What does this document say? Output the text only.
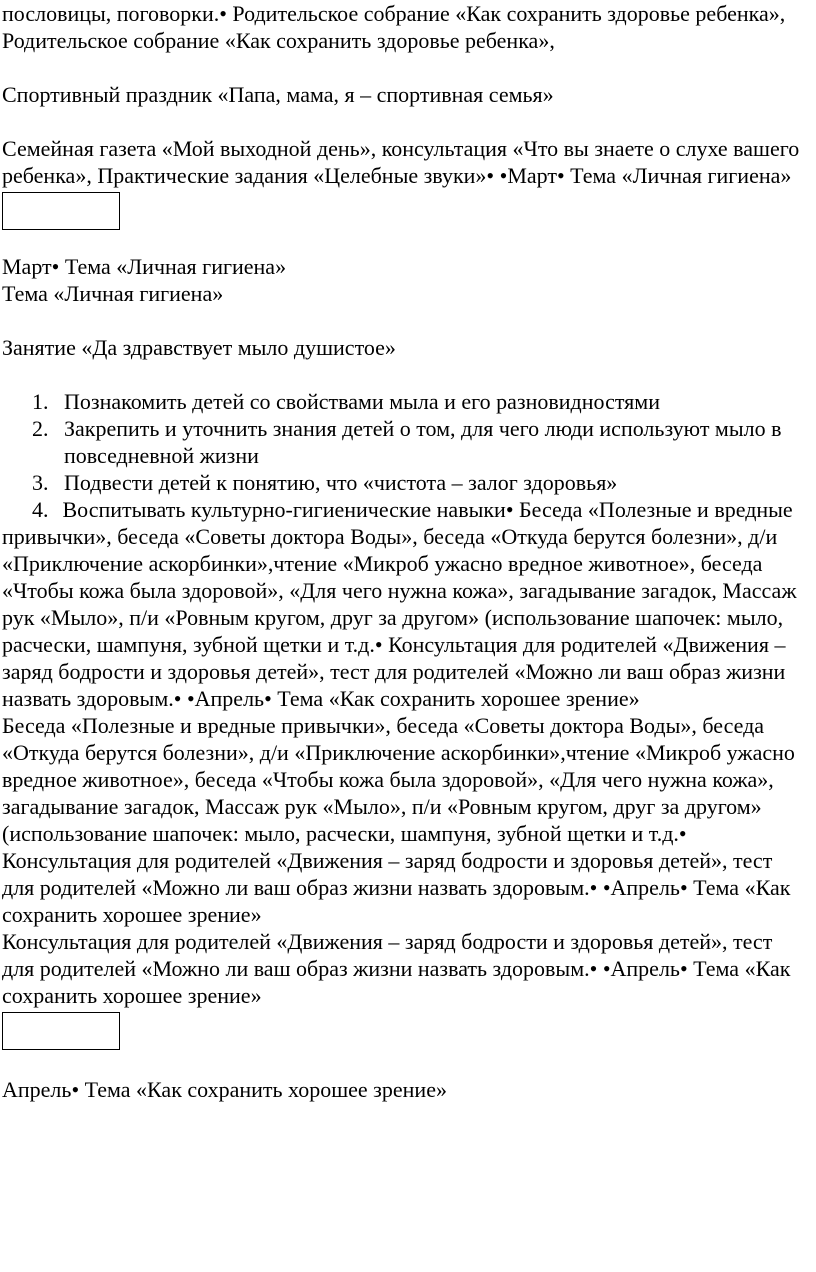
пословицы, поговорки.• Родительское собрание «Как сохранить здоровье ребенка»,

Родительское собрание «Как сохранить здоровье ребенка»,

Спортивный праздник «Папа, мама, я – спортивная семья»

Семейная газета «Мой выходной день», консультация «Что вы знаете о слухе вашего ребенка», Практические задания «Целебные звуки»• •Март• Тема «Личная гигиена»

Март• Тема «Личная гигиена»

Тема «Личная гигиена»

Занятие «Да здравствует мыло душистое»

1. Познакомить детей со свойствами мыла и его разновидностями
2. Закрепить и уточнить знания детей о том, для чего люди используют мыло в повседневной жизни
3. Подвести детей к понятию, что «чистота – залог здоровья»

4. Воспитывать культурно-гигиенические навыки• Беседа «Полезные и вредные привычки», беседа «Советы доктора Воды», беседа «Откуда берутся болезни», д/и «Приключение аскорбинки»,чтение «Микроб ужасно вредное животное», беседа «Чтобы кожа была здоровой», «Для чего нужна кожа», загадывание загадок, Массаж рук «Мыло», п/и «Ровным кругом, друг за другом» (использование шапочек: мыло, расчески, шампуня, зубной щетки и т.д.• Консультация для родителей «Движения – заряд бодрости и здоровья детей», тест для родителей «Можно ли ваш образ жизни назвать здоровым.• •Апрель• Тема «Как сохранить хорошее зрение»

Беседа «Полезные и вредные привычки», беседа «Советы доктора Воды», беседа «Откуда берутся болезни», д/и «Приключение аскорбинки»,чтение «Микроб ужасно вредное животное», беседа «Чтобы кожа была здоровой», «Для чего нужна кожа», загадывание загадок, Массаж рук «Мыло», п/и «Ровным кругом, друг за другом» (использование шапочек: мыло, расчески, шампуня, зубной щетки и т.д.• Консультация для родителей «Движения – заряд бодрости и здоровья детей», тест для родителей «Можно ли ваш образ жизни назвать здоровым.• •Апрель• Тема «Как сохранить хорошее зрение»

Консультация для родителей «Движения – заряд бодрости и здоровья детей», тест для родителей «Можно ли ваш образ жизни назвать здоровым.• •Апрель• Тема «Как сохранить хорошее зрение»

Апрель• Тема «Как сохранить хорошее зрение»
